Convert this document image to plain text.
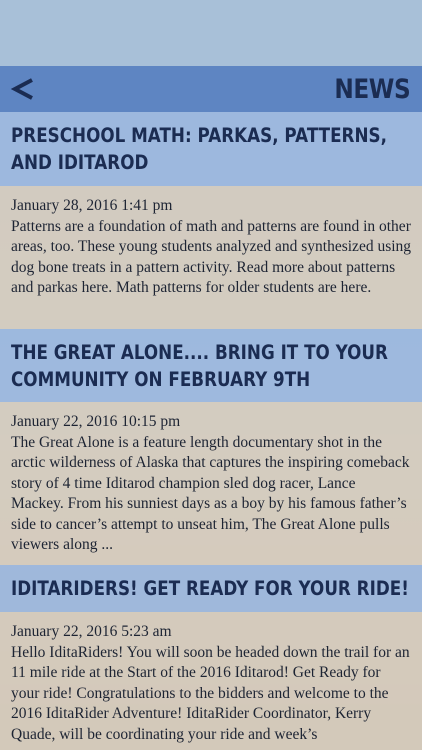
NEWS
PRESCHOOL MATH: PARKAS, PATTERNS, AND IDITAROD
January 28, 2016 1:41 pm
Patterns are a foundation of math and patterns are found in other areas, too. These young students analyzed and synthesized using dog bone treats in a pattern activity. Read more about patterns and parkas here. Math patterns for older students are here.
THE GREAT ALONE.... BRING IT TO YOUR COMMUNITY ON FEBRUARY 9TH
January 22, 2016 10:15 pm
The Great Alone is a feature length documentary shot in the arctic wilderness of Alaska that captures the inspiring comeback story of 4 time Iditarod champion sled dog racer, Lance Mackey. From his sunniest days as a boy by his famous father’s side to cancer’s attempt to unseat him, The Great Alone pulls viewers along ...
IDITARIDERS! GET READY FOR YOUR RIDE!
January 22, 2016 5:23 am
Hello IditaRiders! You will soon be headed down the trail for an 11 mile ride at the Start of the 2016 Iditarod! Get Ready for your ride! Congratulations to the bidders and welcome to the 2016 IditaRider Adventure! IditaRider Coordinator, Kerry Quade, will be coordinating your ride and week’s
